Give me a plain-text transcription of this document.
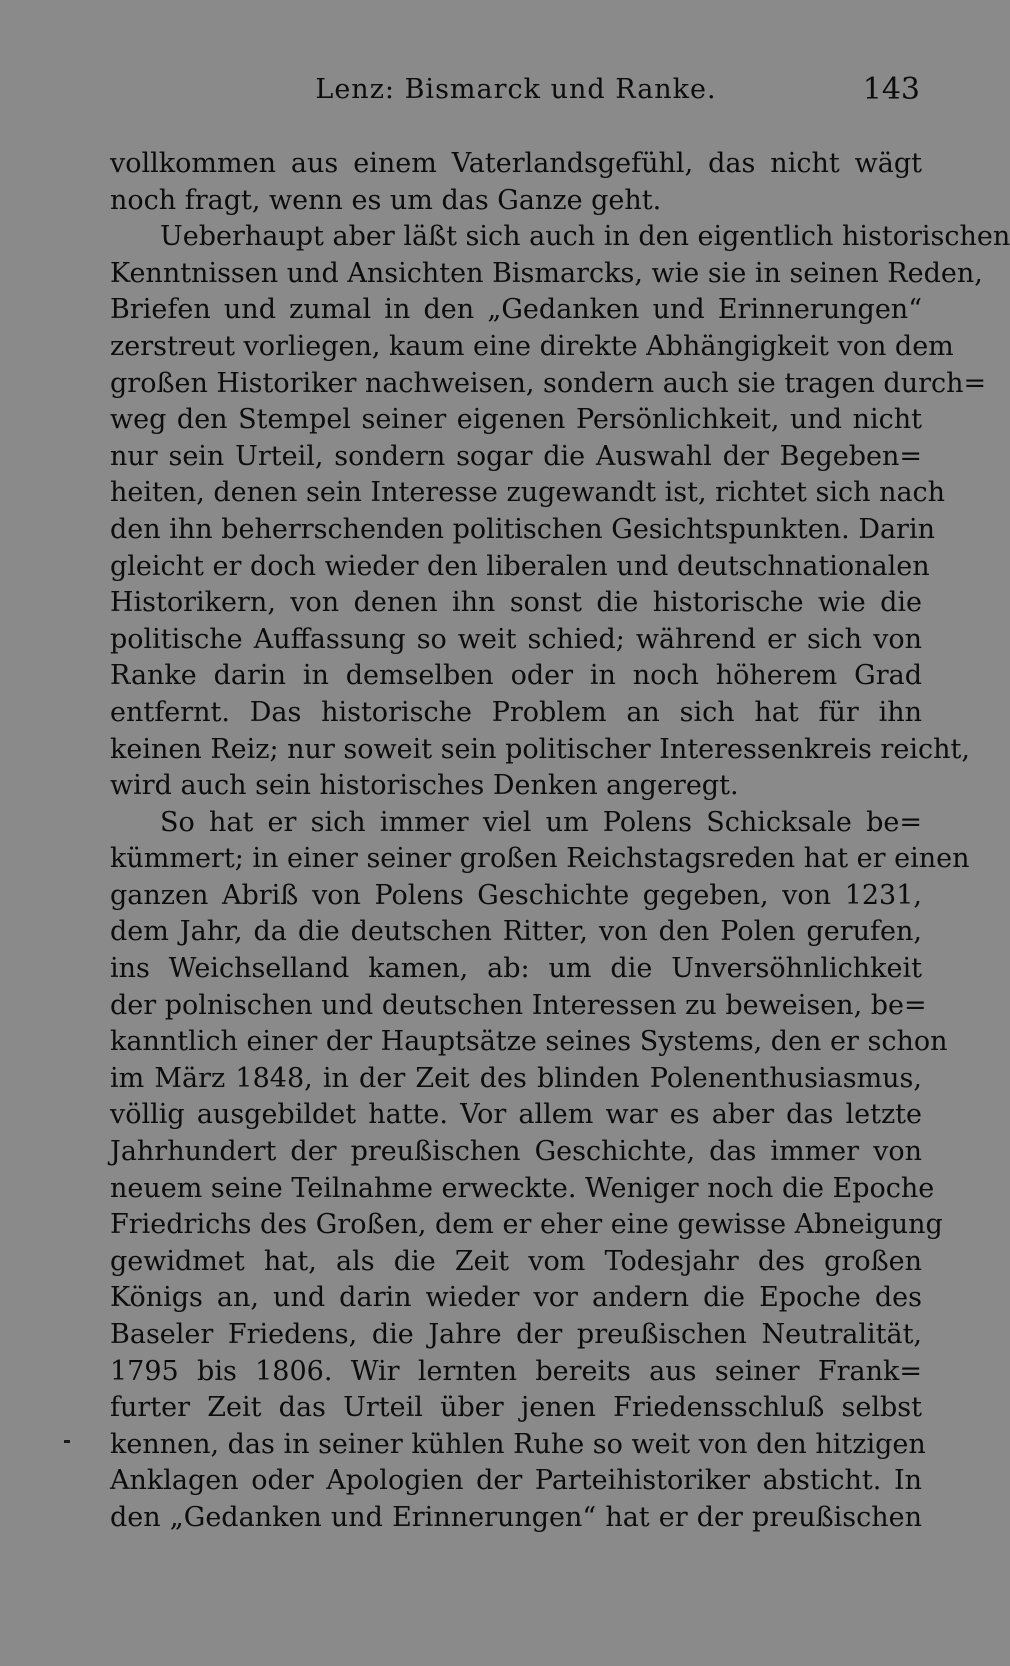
Lenz: Bismarck und Ranke.	143
vollkommen aus einem Vaterlandsgefühl, das nicht wägt
noch fragt, wenn es um das Ganze geht.
Ueberhaupt aber läßt sich auch in den eigentlich historischen
Kenntnissen und Ansichten Bismarcks, wie sie in seinen Reden,
Briefen und zumal in den „Gedanken und Erinnerungen“
zerstreut vorliegen, kaum eine direkte Abhängigkeit von dem
großen Historiker nachweisen, sondern auch sie tragen durch=
weg den Stempel seiner eigenen Persönlichkeit, und nicht
nur sein Urteil, sondern sogar die Auswahl der Begeben=
heiten, denen sein Interesse zugewandt ist, richtet sich nach
den ihn beherrschenden politischen Gesichtspunkten. Darin
gleicht er doch wieder den liberalen und deutschnationalen
Historikern, von denen ihn sonst die historische wie die
politische Auffassung so weit schied; während er sich von
Ranke darin in demselben oder in noch höherem Grad
entfernt. Das historische Problem an sich hat für ihn
keinen Reiz; nur soweit sein politischer Interessenkreis reicht,
wird auch sein historisches Denken angeregt.
So hat er sich immer viel um Polens Schicksale be=
kümmert; in einer seiner großen Reichstagsreden hat er einen
ganzen Abriß von Polens Geschichte gegeben, von 1231,
dem Jahr, da die deutschen Ritter, von den Polen gerufen,
ins Weichselland kamen, ab: um die Unversöhnlichkeit
der polnischen und deutschen Interessen zu beweisen, be=
kanntlich einer der Hauptsätze seines Systems, den er schon
im März 1848, in der Zeit des blinden Polenenthusiasmus,
völlig ausgebildet hatte. Vor allem war es aber das letzte
Jahrhundert der preußischen Geschichte, das immer von
neuem seine Teilnahme erweckte. Weniger noch die Epoche
Friedrichs des Großen, dem er eher eine gewisse Abneigung
gewidmet hat, als die Zeit vom Todesjahr des großen
Königs an, und darin wieder vor andern die Epoche des
Baseler Friedens, die Jahre der preußischen Neutralität,
1795 bis 1806. Wir lernten bereits aus seiner Frank=
furter Zeit das Urteil über jenen Friedensschluß selbst
kennen, das in seiner kühlen Ruhe so weit von den hitzigen
Anklagen oder Apologien der Parteihistoriker absticht. In
den „Gedanken und Erinnerungen“ hat er der preußischen
